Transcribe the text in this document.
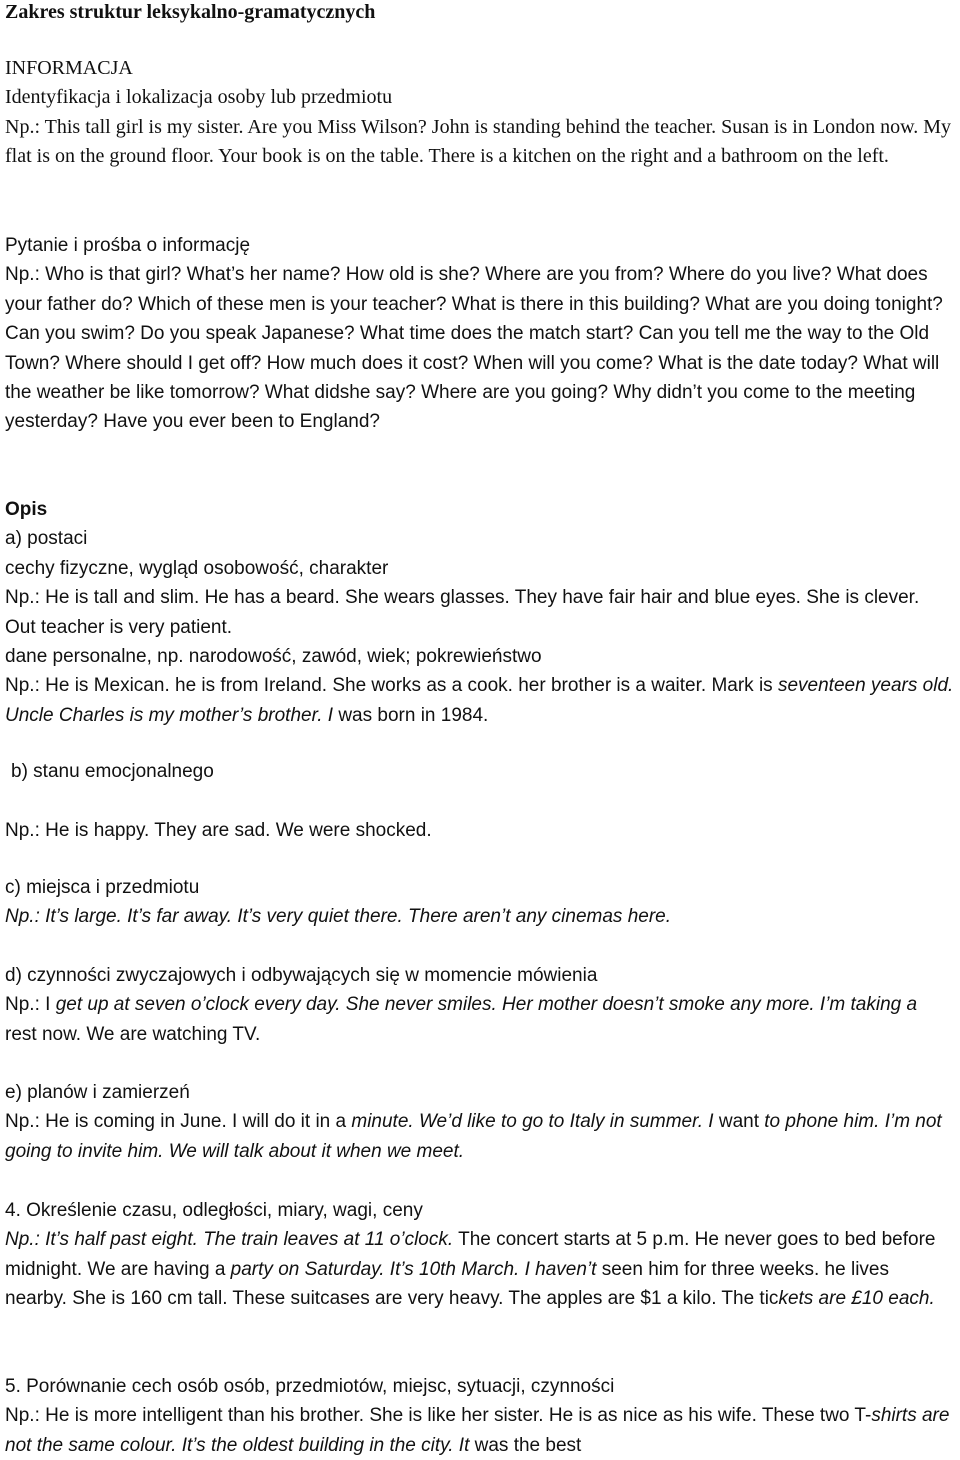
Zakres struktur leksykalno-gramatycznych
INFORMACJA
Identyfikacja i lokalizacja osoby lub przedmiotu

Np.: This tall girl is my sister. Are you Miss Wilson? John is standing behind the teacher. Susan is in London now. My flat is on the ground floor. Your book is on the table. There is a kitchen on the right and a bathroom on the left.

Pytanie i prośba o informację

Np.: Who is that girl? What’s her name? How old is she? Where are you from? Where do you live? What does your father do? Which of these men is your teacher? What is there in this building? What are you doing tonight? Can you swim? Do you speak Japanese? What time does the match start? Can you tell me the way to the Old Town? Where should I get off? How much does it cost? When will you come? What is the date today? What will the weather be like tomorrow? What didshe say? Where are you going? Why didn’t you come to the meeting yesterday? Have you ever been to England?

Opis
a) postaci
cechy fizyczne, wygląd osobowość, charakter

Np.: He is tall and slim. He has a beard. She wears glasses. They have fair hair and blue eyes. She is clever. Out teacher is very patient.

dane personalne, np. narodowość, zawód, wiek; pokrewieństwo

Np.: He is Mexican. he is from Ireland. She works as a cook. her brother is a waiter. Mark is seventeen years old. Uncle Charles is my mother’s brother. I was born in 1984.

b) stanu emocjonalnego
Np.: He is happy. They are sad. We were shocked.
c) miejsca i przedmiotu
Np.: It’s large. It’s far away. It’s very quiet there. There aren’t any cinemas here.
d) czynności zwyczajowych i odbywających się w momencie mówienia

Np.: I get up at seven o’clock every day. She never smiles. Her mother doesn’t smoke any more. I’m taking a rest now. We are watching TV.

e) planów i zamierzeń

Np.: He is coming in June. I will do it in a minute. We’d like to go to Italy in summer. I want to phone him. I’m not going to invite him. We will talk about it when we meet.

4. Określenie czasu, odległości, miary, wagi, ceny

Np.: It’s half past eight. The train leaves at 11 o’clock. The concert starts at 5 p.m. He never goes to bed before midnight. We are having a party on Saturday. It’s 10th March. I haven’t seen him for three weeks. he lives nearby. She is 160 cm tall. These suitcases are very heavy. The apples are $1 a kilo. The tickets are £10 each.

5. Porównanie cech osób osób, przedmiotów, miejsc, sytuacji, czynności

Np.: He is more intelligent than his brother. She is like her sister. He is as nice as his wife. These two T-shirts are not the same colour. It’s the oldest building in the city. It was the best
